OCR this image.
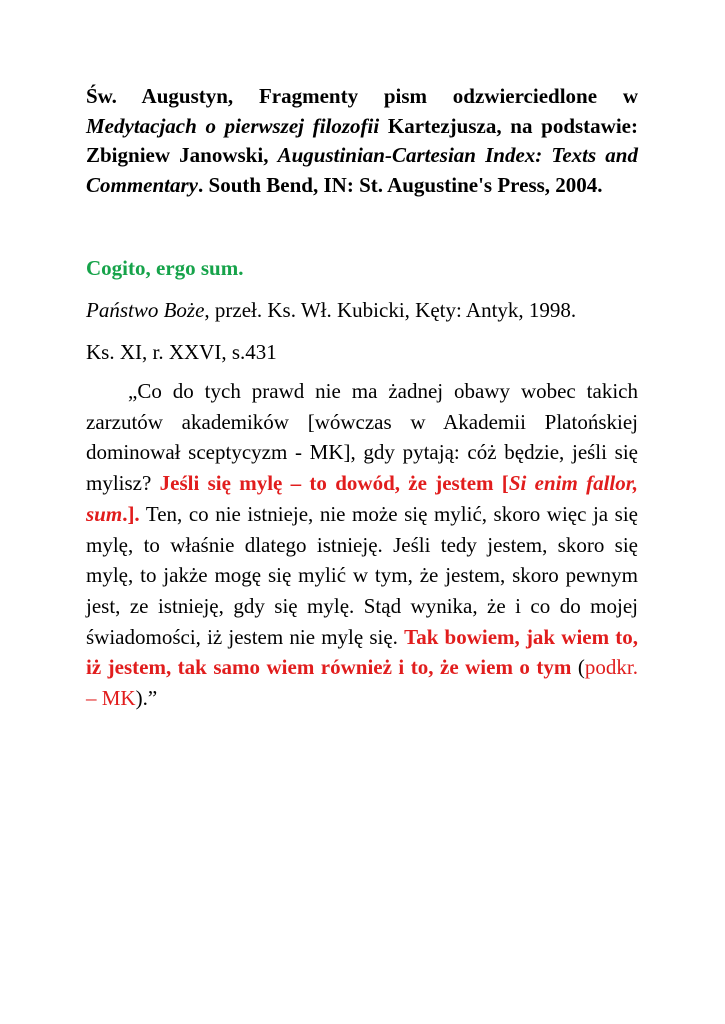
Św. Augustyn, Fragmenty pism odzwierciedlone w Medytacjach o pierwszej filozofii Kartezjusza, na podstawie: Zbigniew Janowski, Augustinian-Cartesian Index: Texts and Commentary. South Bend, IN: St. Augustine's Press, 2004.

Cogito, ergo sum.

Państwo Boże, przeł. Ks. Wł. Kubicki, Kęty: Antyk, 1998.

Ks. XI, r. XXVI, s.431

„Co do tych prawd nie ma żadnej obawy wobec takich zarzutów akademików [wówczas w Akademii Platońskiej dominował sceptycyzm - MK], gdy pytają: cóż będzie, jeśli się mylisz? Jeśli się mylę – to dowód, że jestem [Si enim fallor, sum.]. Ten, co nie istnieje, nie może się mylić, skoro więc ja się mylę, to właśnie dlatego istnieję. Jeśli tedy jestem, skoro się mylę, to jakże mogę się mylić w tym, że jestem, skoro pewnym jest, ze istnieję, gdy się mylę. Stąd wynika, że i co do mojej świadomości, iż jestem nie mylę się. Tak bowiem, jak wiem to, iż jestem, tak samo wiem również i to, że wiem o tym (podkr. – MK).”
